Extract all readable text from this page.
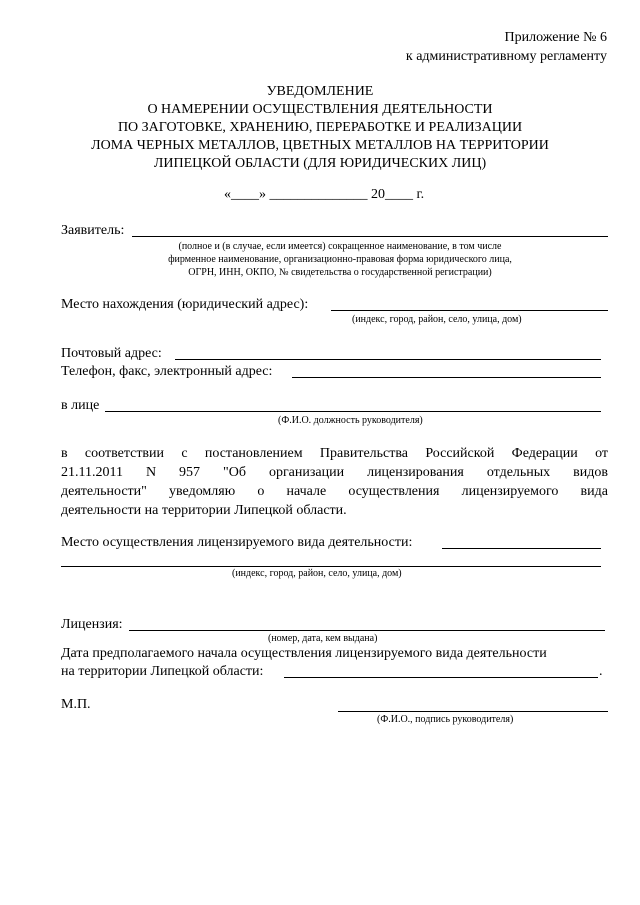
Приложение № 6
к административному регламенту
УВЕДОМЛЕНИЕ
О НАМЕРЕНИИ ОСУЩЕСТВЛЕНИЯ ДЕЯТЕЛЬНОСТИ
ПО ЗАГОТОВКЕ, ХРАНЕНИЮ, ПЕРЕРАБОТКЕ И РЕАЛИЗАЦИИ
ЛОМА ЧЕРНЫХ МЕТАЛЛОВ, ЦВЕТНЫХ МЕТАЛЛОВ НА ТЕРРИТОРИИ
ЛИПЕЦКОЙ ОБЛАСТИ (ДЛЯ ЮРИДИЧЕСКИХ ЛИЦ)
«____» ______________ 20____ г.
Заявитель:
(полное и (в случае, если имеется) сокращенное наименование, в том числе
фирменное наименование, организационно-правовая форма юридического лица,
ОГРН, ИНН, ОКПО, № свидетельства о государственной регистрации)
Место нахождения (юридический адрес):
(индекс, город, район, село, улица, дом)
Почтовый адрес:
Телефон, факс, электронный адрес:
в лице
(Ф.И.О. должность руководителя)
в соответствии с постановлением Правительства Российской Федерации от
21.11.2011 N 957 "Об организации лицензирования отдельных видов
деятельности" уведомляю о начале осуществления лицензируемого вида
деятельности на территории Липецкой области.
Место осуществления лицензируемого вида деятельности:
(индекс, город, район, село, улица, дом)
Лицензия:
(номер, дата, кем выдана)
Дата предполагаемого начала осуществления лицензируемого вида деятельности
на территории Липецкой области:	.
М.П.
(Ф.И.О., подпись руководителя)
